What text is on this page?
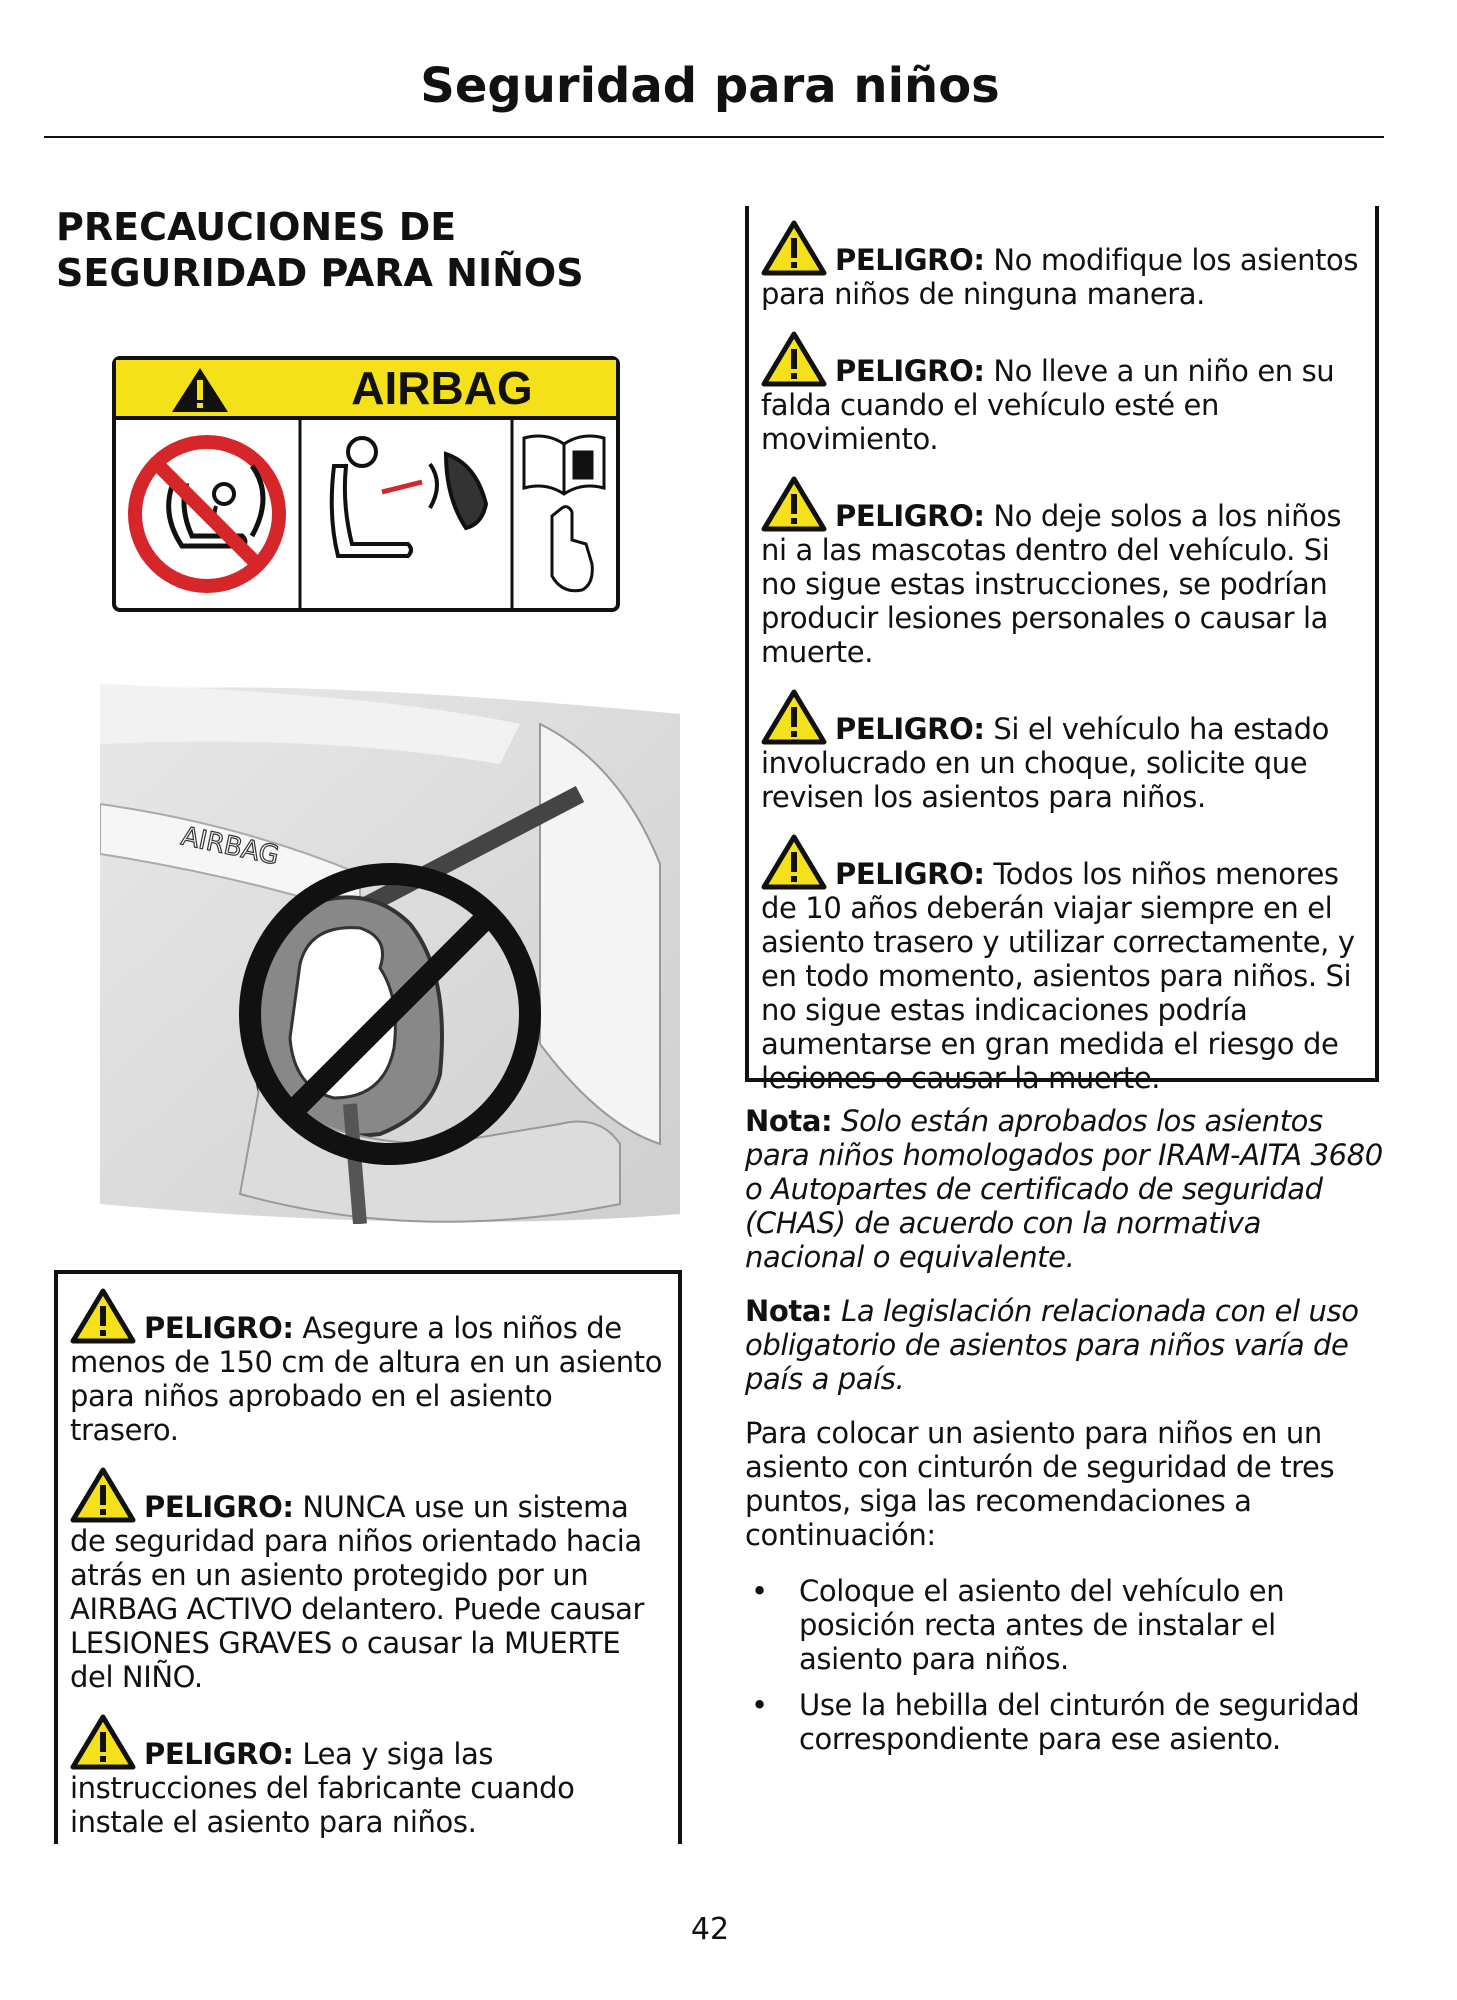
Seguridad para niños
PRECAUCIONES DE
SEGURIDAD PARA NIÑOS
AIRBAG
AIRBAG
PELIGRO: Asegure a los niños de menos de 150 cm de altura en un asiento para niños aprobado en el asiento trasero.
PELIGRO: NUNCA use un sistema de seguridad para niños orientado hacia atrás en un asiento protegido por un AIRBAG ACTIVO delantero. Puede causar LESIONES GRAVES o causar la MUERTE del NIÑO.
PELIGRO: Lea y siga las instrucciones del fabricante cuando instale el asiento para niños.
PELIGRO: No modifique los asientos para niños de ninguna manera.
PELIGRO: No lleve a un niño en su falda cuando el vehículo esté en movimiento.
PELIGRO: No deje solos a los niños ni a las mascotas dentro del vehículo. Si no sigue estas instrucciones, se podrían producir lesiones personales o causar la muerte.
PELIGRO: Si el vehículo ha estado involucrado en un choque, solicite que revisen los asientos para niños.
PELIGRO: Todos los niños menores de 10 años deberán viajar siempre en el asiento trasero y utilizar correctamente, y en todo momento, asientos para niños. Si no sigue estas indicaciones podría aumentarse en gran medida el riesgo de lesiones o causar la muerte.
Nota: Solo están aprobados los asientos para niños homologados por IRAM-AITA 3680 o Autopartes de certificado de seguridad (CHAS) de acuerdo con la normativa nacional o equivalente.
Nota: La legislación relacionada con el uso obligatorio de asientos para niños varía de país a país.
Para colocar un asiento para niños en un asiento con cinturón de seguridad de tres puntos, siga las recomendaciones a continuación:
• Coloque el asiento del vehículo en posición recta antes de instalar el asiento para niños.
• Use la hebilla del cinturón de seguridad correspondiente para ese asiento.
42
